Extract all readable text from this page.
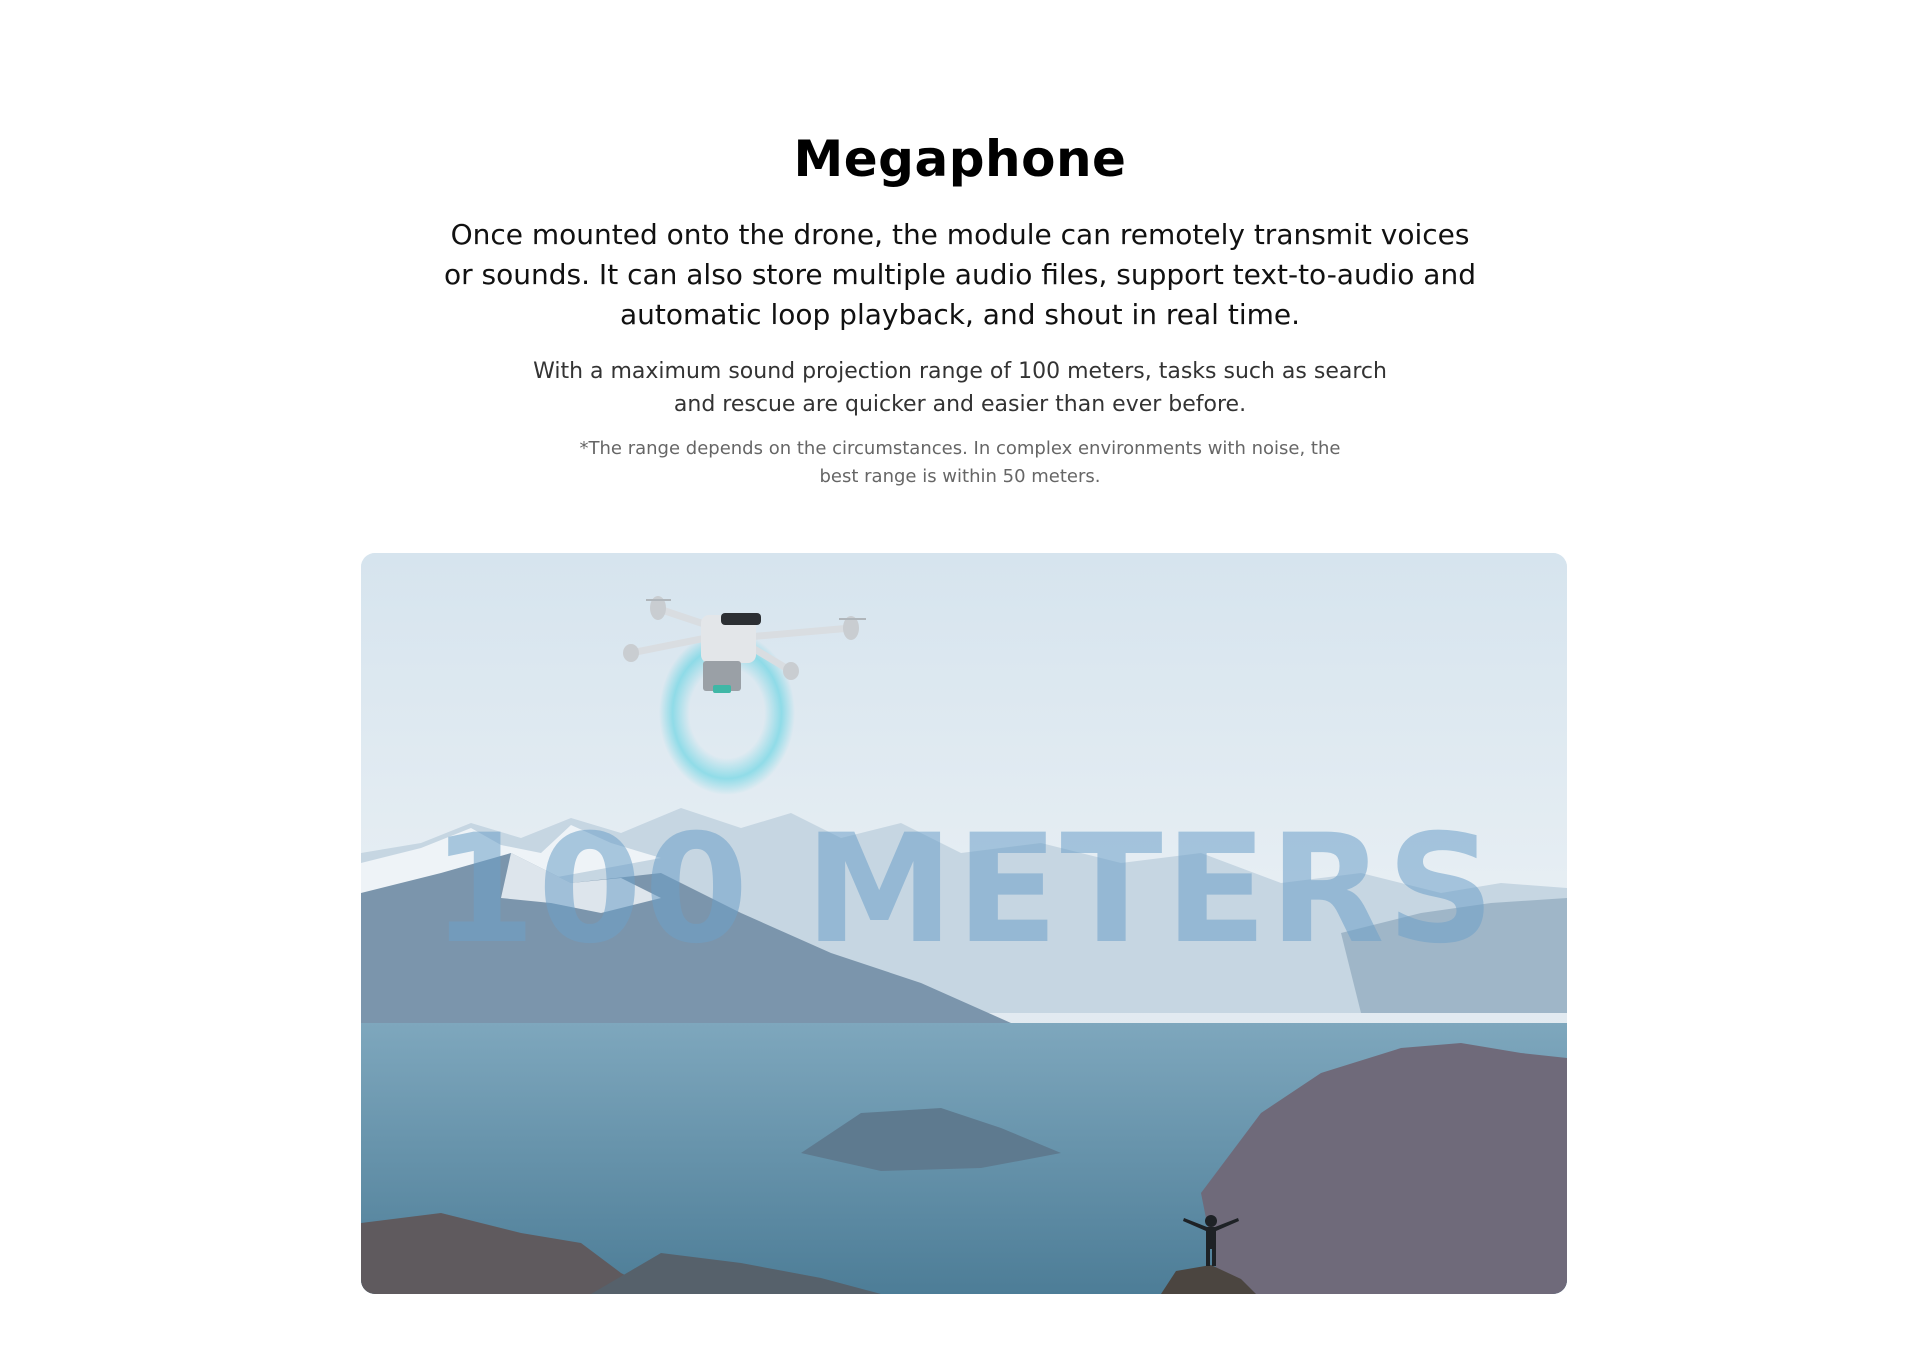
Megaphone

Once mounted onto the drone, the module can remotely transmit voices or sounds. It can also store multiple audio files, support text-to-audio and automatic loop playback, and shout in real time.

With a maximum sound projection range of 100 meters, tasks such as search and rescue are quicker and easier than ever before.

*The range depends on the circumstances. In complex environments with noise, the best range is within 50 meters.

100 METERS
